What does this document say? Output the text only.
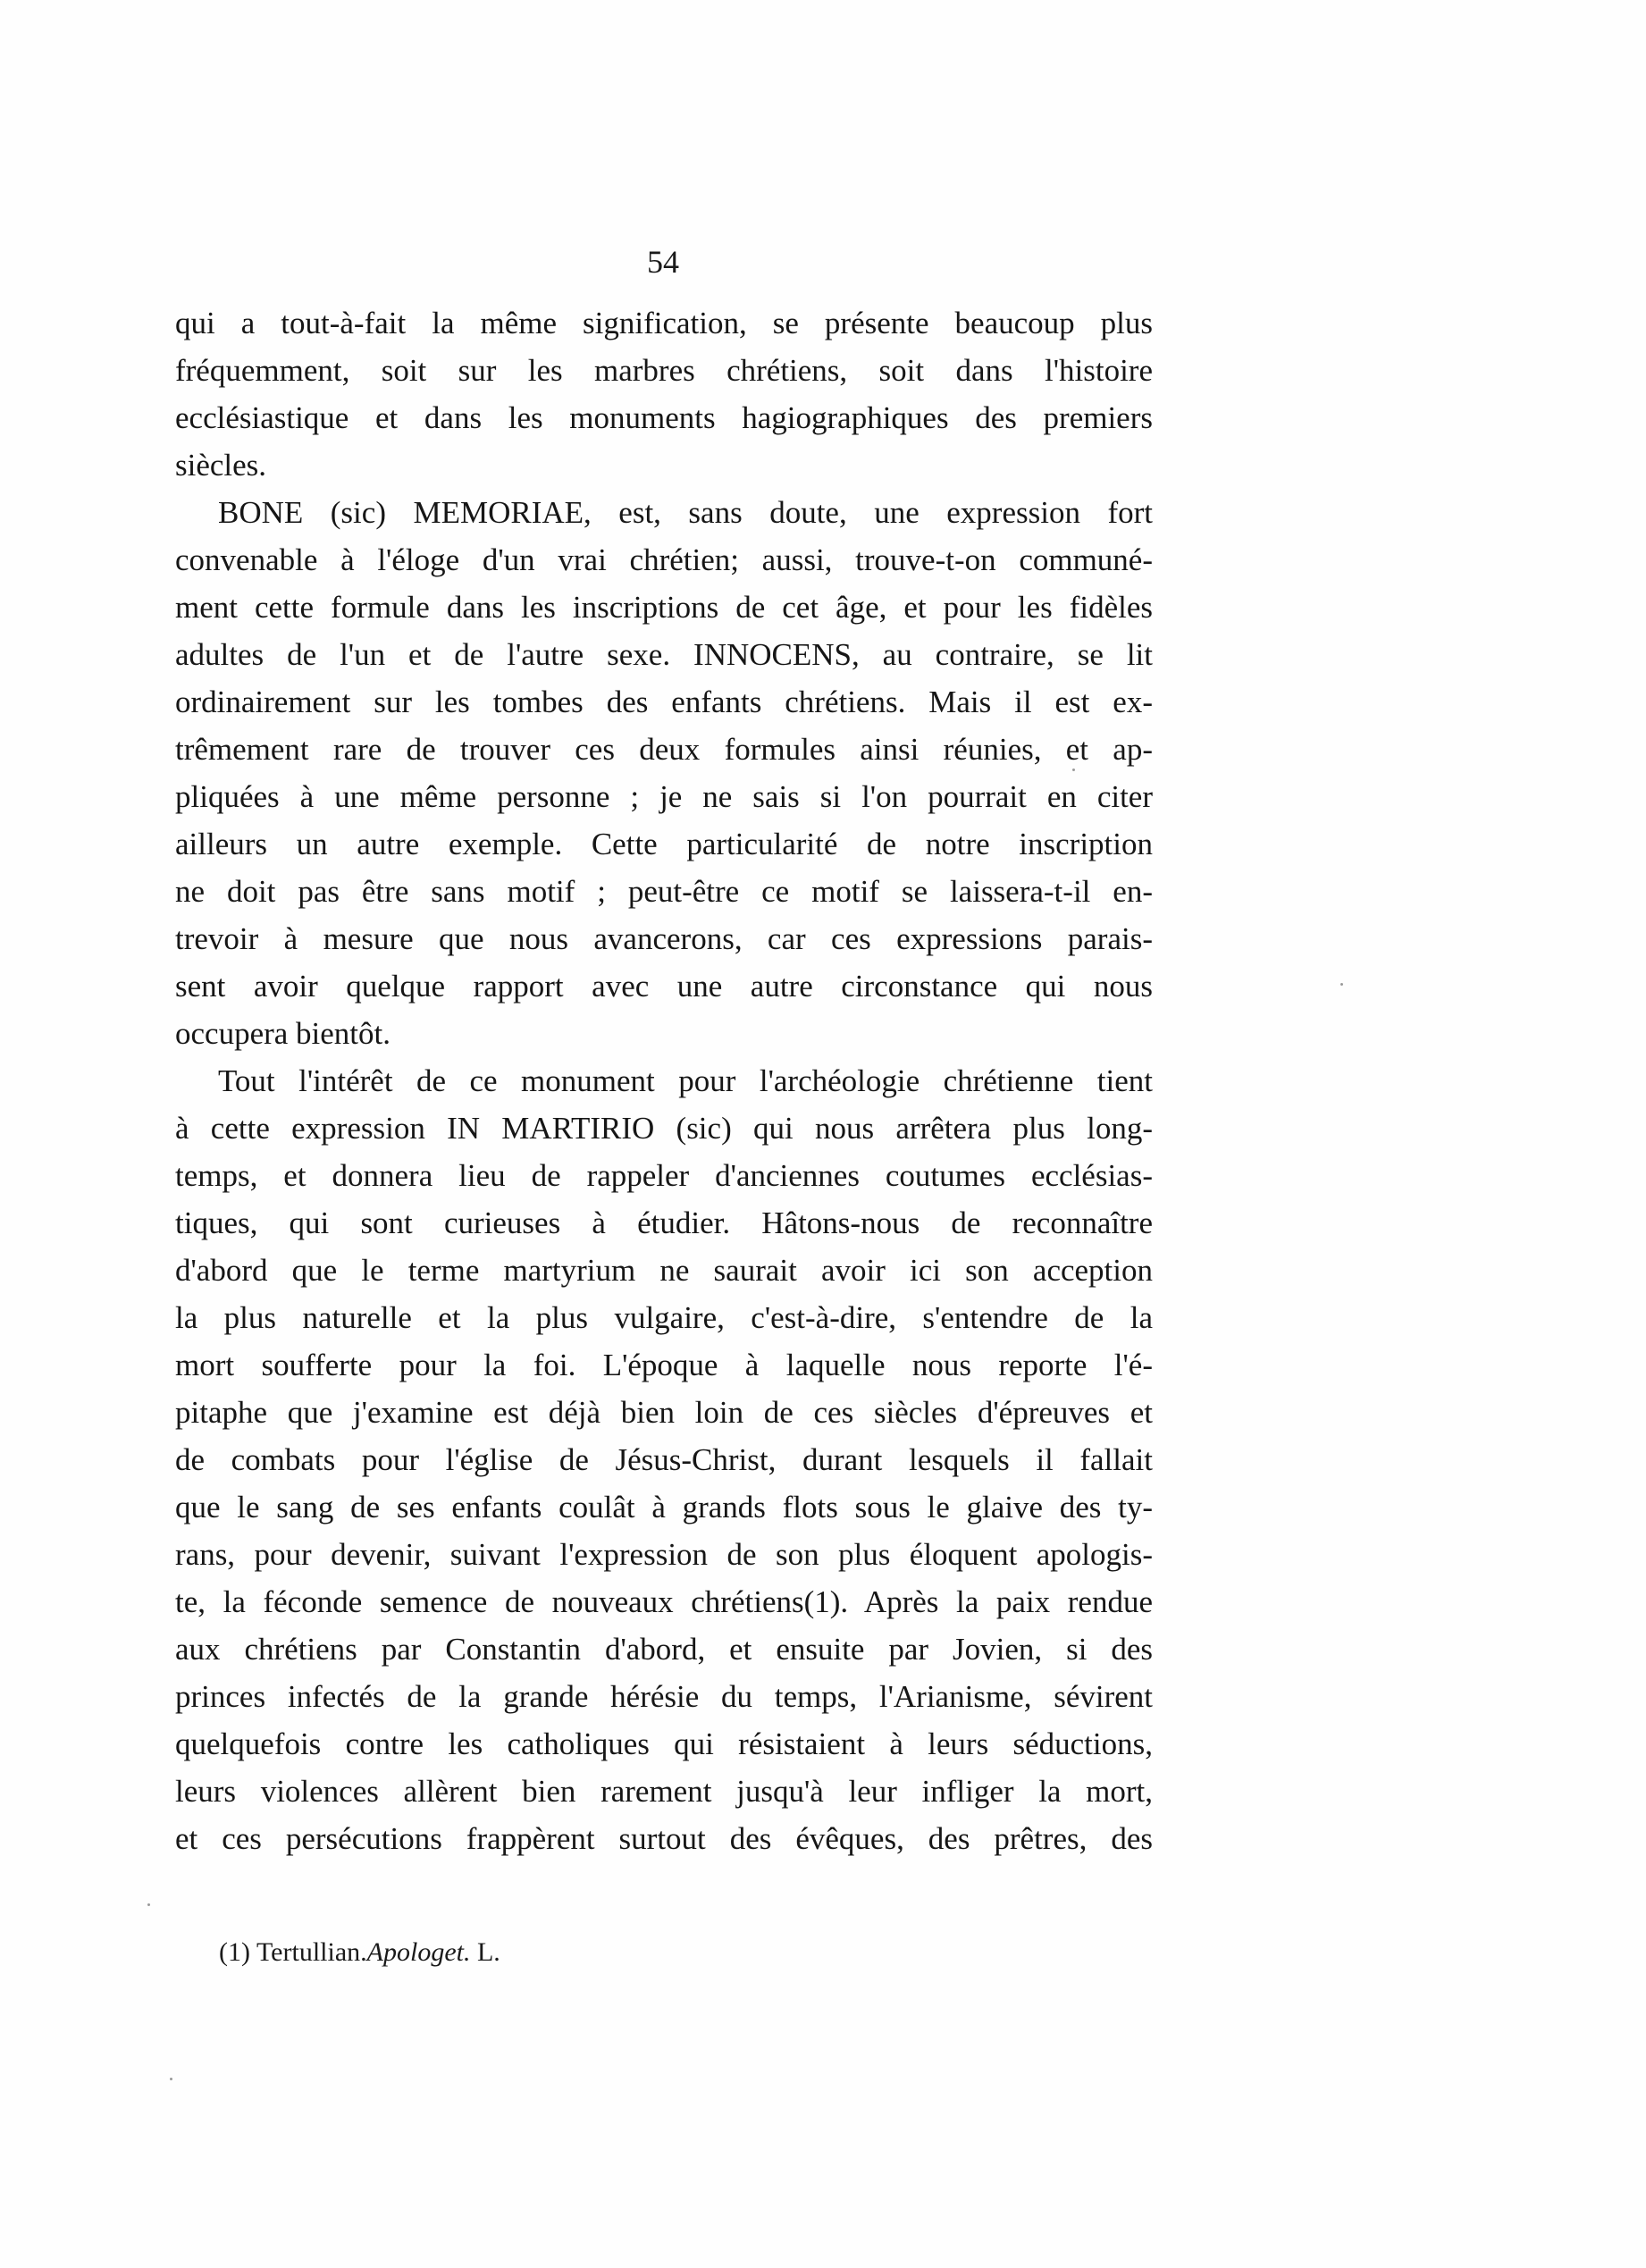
54
qui a tout-à-fait la même signification, se présente beaucoup plus
fréquemment, soit sur les marbres chrétiens, soit dans l'histoire
ecclésiastique et dans les monuments hagiographiques des premiers
siècles.
BONE (sic) MEMORIAE, est, sans doute, une expression fort
convenable à l'éloge d'un vrai chrétien; aussi, trouve-t-on communé-
ment cette formule dans les inscriptions de cet âge, et pour les fidèles
adultes de l'un et de l'autre sexe. INNOCENS, au contraire, se lit
ordinairement sur les tombes des enfants chrétiens. Mais il est ex-
trêmement rare de trouver ces deux formules ainsi réunies, et ap-
pliquées à une même personne ; je ne sais si l'on pourrait en citer
ailleurs un autre exemple. Cette particularité de notre inscription
ne doit pas être sans motif ; peut-être ce motif se laissera-t-il en-
trevoir à mesure que nous avancerons, car ces expressions parais-
sent avoir quelque rapport avec une autre circonstance qui nous
occupera bientôt.
Tout l'intérêt de ce monument pour l'archéologie chrétienne tient
à cette expression IN MARTIRIO (sic) qui nous arrêtera plus long-
temps, et donnera lieu de rappeler d'anciennes coutumes ecclésias-
tiques, qui sont curieuses à étudier. Hâtons-nous de reconnaître
d'abord que le terme martyrium ne saurait avoir ici son acception
la plus naturelle et la plus vulgaire, c'est-à-dire, s'entendre de la
mort soufferte pour la foi. L'époque à laquelle nous reporte l'é-
pitaphe que j'examine est déjà bien loin de ces siècles d'épreuves et
de combats pour l'église de Jésus-Christ, durant lesquels il fallait
que le sang de ses enfants coulât à grands flots sous le glaive des ty-
rans, pour devenir, suivant l'expression de son plus éloquent apologis-
te, la féconde semence de nouveaux chrétiens(1). Après la paix rendue
aux chrétiens par Constantin d'abord, et ensuite par Jovien, si des
princes infectés de la grande hérésie du temps, l'Arianisme, sévirent
quelquefois contre les catholiques qui résistaient à leurs séductions,
leurs violences allèrent bien rarement jusqu'à leur infliger la mort,
et ces persécutions frappèrent surtout des évêques, des prêtres, des
(1) Tertullian.Apologet. L.
